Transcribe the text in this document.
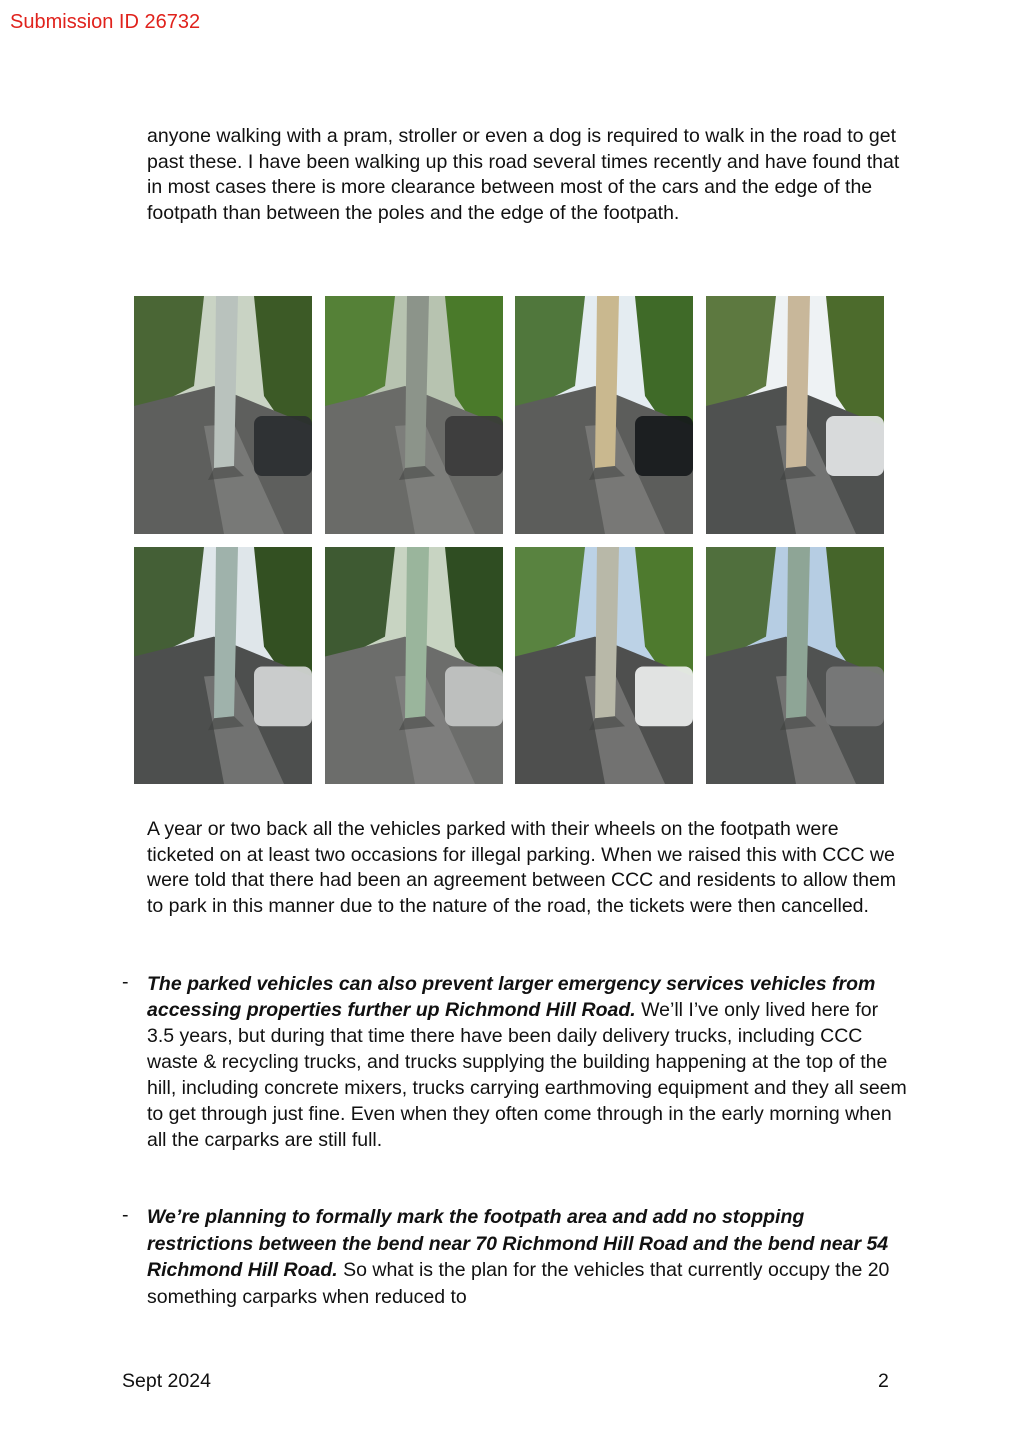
Submission ID 26732

anyone walking with a pram, stroller or even a dog is required to walk in the road to get past these. I have been walking up this road several times recently and have found that in most cases there is more clearance between most of the cars and the edge of the footpath than between the poles and the edge of the footpath.

A year or two back all the vehicles parked with their wheels on the footpath were ticketed on at least two occasions for illegal parking. When we raised this with CCC we were told that there had been an agreement between CCC and residents to allow them to park in this manner due to the nature of the road, the tickets were then cancelled.

- The parked vehicles can also prevent larger emergency services vehicles from accessing properties further up Richmond Hill Road. We’ll I’ve only lived here for 3.5 years, but during that time there have been daily delivery trucks, including CCC waste & recycling trucks, and trucks supplying the building happening at the top of the hill, including concrete mixers, trucks carrying earthmoving equipment and they all seem to get through just fine. Even when they often come through in the early morning when all the carparks are still full.

- We’re planning to formally mark the footpath area and add no stopping restrictions between the bend near 70 Richmond Hill Road and the bend near 54 Richmond Hill Road. So what is the plan for the vehicles that currently occupy the 20 something carparks when reduced to

Sept 2024	2
